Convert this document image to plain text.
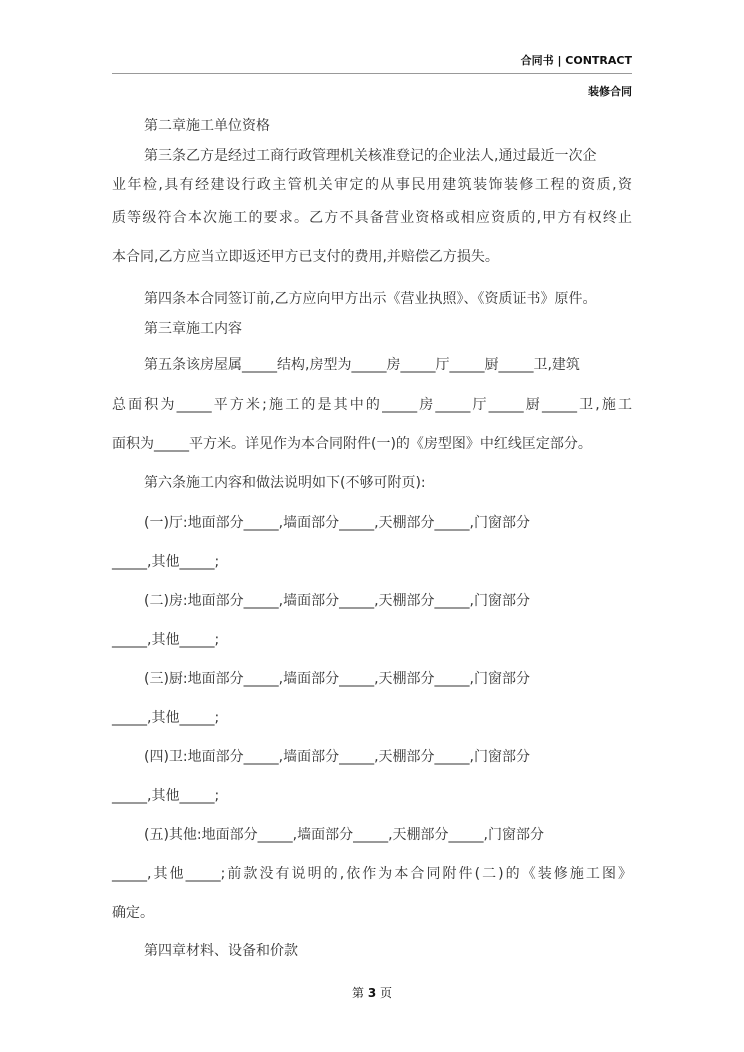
合同书 | CONTRACT
装修合同
第二章施工单位资格
第三条乙方是经过工商行政管理机关核准登记的企业法人,通过最近一次企
业年检,具有经建设行政主管机关审定的从事民用建筑装饰装修工程的资质,资
质等级符合本次施工的要求。乙方不具备营业资格或相应资质的,甲方有权终止
本合同,乙方应当立即返还甲方已支付的费用,并赔偿乙方损失。
第四条本合同签订前,乙方应向甲方出示《营业执照》、《资质证书》原件。
第三章施工内容
第五条该房屋属_____结构,房型为_____房_____厅_____厨_____卫,建筑
总面积为_____平方米;施工的是其中的_____房_____厅_____厨_____卫,施工
面积为_____平方米。详见作为本合同附件(一)的《房型图》中红线匡定部分。
第六条施工内容和做法说明如下(不够可附页):
(一)厅:地面部分_____,墙面部分_____,天棚部分_____,门窗部分
_____,其他_____;
(二)房:地面部分_____,墙面部分_____,天棚部分_____,门窗部分
_____,其他_____;
(三)厨:地面部分_____,墙面部分_____,天棚部分_____,门窗部分
_____,其他_____;
(四)卫:地面部分_____,墙面部分_____,天棚部分_____,门窗部分
_____,其他_____;
(五)其他:地面部分_____,墙面部分_____,天棚部分_____,门窗部分
_____,其他_____;前款没有说明的,依作为本合同附件(二)的《装修施工图》
确定。
第四章材料、设备和价款
第 3 页
